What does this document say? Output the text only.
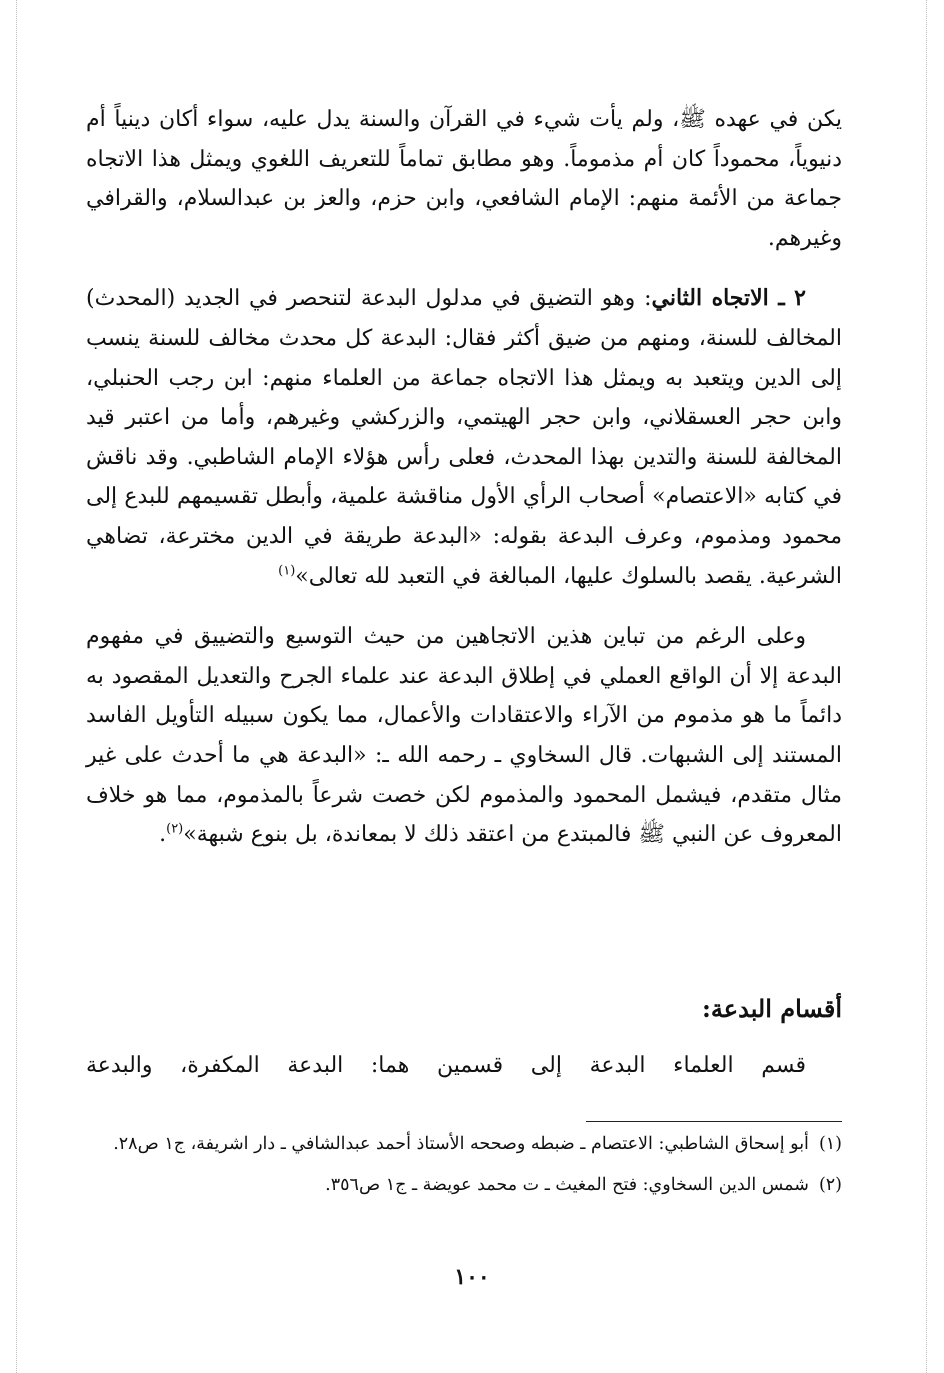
يكن في عهده ﷺ، ولم يأت شيء في القرآن والسنة يدل عليه، سواء أكان دينياً أم دنيوياً، محموداً كان أم مذموماً. وهو مطابق تماماً للتعريف اللغوي ويمثل هذا الاتجاه جماعة من الأئمة منهم: الإمام الشافعي، وابن حزم، والعز بن عبدالسلام، والقرافي وغيرهم.

٢ ـ الاتجاه الثاني: وهو التضيق في مدلول البدعة لتنحصر في الجديد (المحدث) المخالف للسنة، ومنهم من ضيق أكثر فقال: البدعة كل محدث مخالف للسنة ينسب إلى الدين ويتعبد به ويمثل هذا الاتجاه جماعة من العلماء منهم: ابن رجب الحنبلي، وابن حجر العسقلاني، وابن حجر الهيتمي، والزركشي وغيرهم، وأما من اعتبر قيد المخالفة للسنة والتدين بهذا المحدث، فعلى رأس هؤلاء الإمام الشاطبي. وقد ناقش في كتابه «الاعتصام» أصحاب الرأي الأول مناقشة علمية، وأبطل تقسيمهم للبدع إلى محمود ومذموم، وعرف البدعة بقوله: «البدعة طريقة في الدين مخترعة، تضاهي الشرعية. يقصد بالسلوك عليها، المبالغة في التعبد لله تعالى»$^{(١)}$

وعلى الرغم من تباين هذين الاتجاهين من حيث التوسيع والتضييق في مفهوم البدعة إلا أن الواقع العملي في إطلاق البدعة عند علماء الجرح والتعديل المقصود به دائماً ما هو مذموم من الآراء والاعتقادات والأعمال، مما يكون سبيله التأويل الفاسد المستند إلى الشبهات. قال السخاوي ـ رحمه الله ـ: «البدعة هي ما أحدث على غير مثال متقدم، فيشمل المحمود والمذموم لكن خصت شرعاً بالمذموم، مما هو خلاف المعروف عن النبي ﷺ فالمبتدع من اعتقد ذلك لا بمعاندة، بل بنوع شبهة»$^{(٢)}$.

أقسام البدعة:

قسم العلماء البدعة إلى قسمين هما: البدعة المكفرة، والبدعة

(١)
أبو إسحاق الشاطبي: الاعتصام ـ ضبطه وصححه الأستاذ أحمد عبدالشافي ـ دار اشريفة، ج١ ص٢٨.
(٢)
شمس الدين السخاوي: فتح المغيث ـ ت محمد عويضة ـ ج١ ص٣٥٦.
١٠٠
